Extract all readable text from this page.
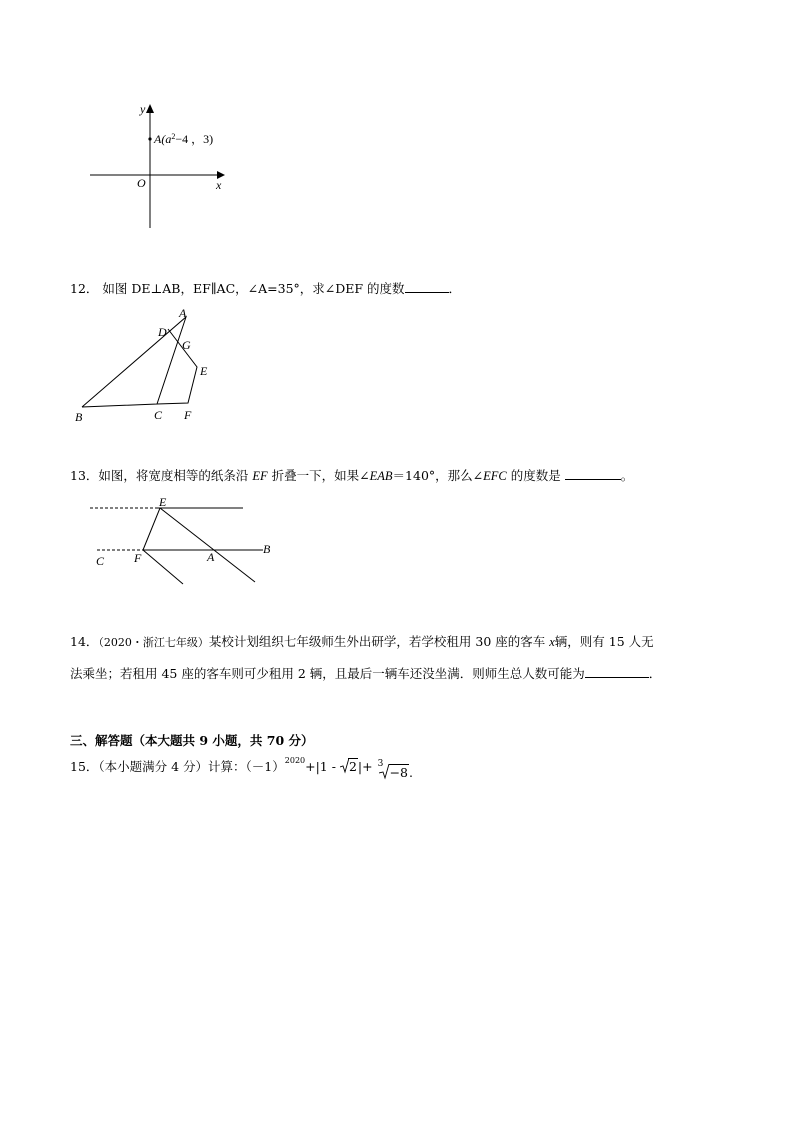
y
x
O
$A(a^2-4$ ，3)
12． 如图 DE⊥AB，EF∥AC，∠A=35°，求∠DEF 的度数	．
A
D
G
E
B	C F
13．如图，将宽度相等的纸条沿 EF 折叠一下，如果∠EAB＝140°，那么∠EFC 的度数是	。
E
C F	A
B
14．（2020・浙江七年级）某校计划组织七年级师生外出研学，若学校租用 30 座的客车 x辆，则有 15 人无
法乘坐；若租用 45 座的客车则可少租用 2 辆，且最后一辆车还没坐满．则师生总人数可能为	．
三、解答题（本大题共 9 小题，共 70 分）
15．（本小题满分 4 分）计算：$(-1)^{2020}+|1 - 2|+ 3$
−8.
